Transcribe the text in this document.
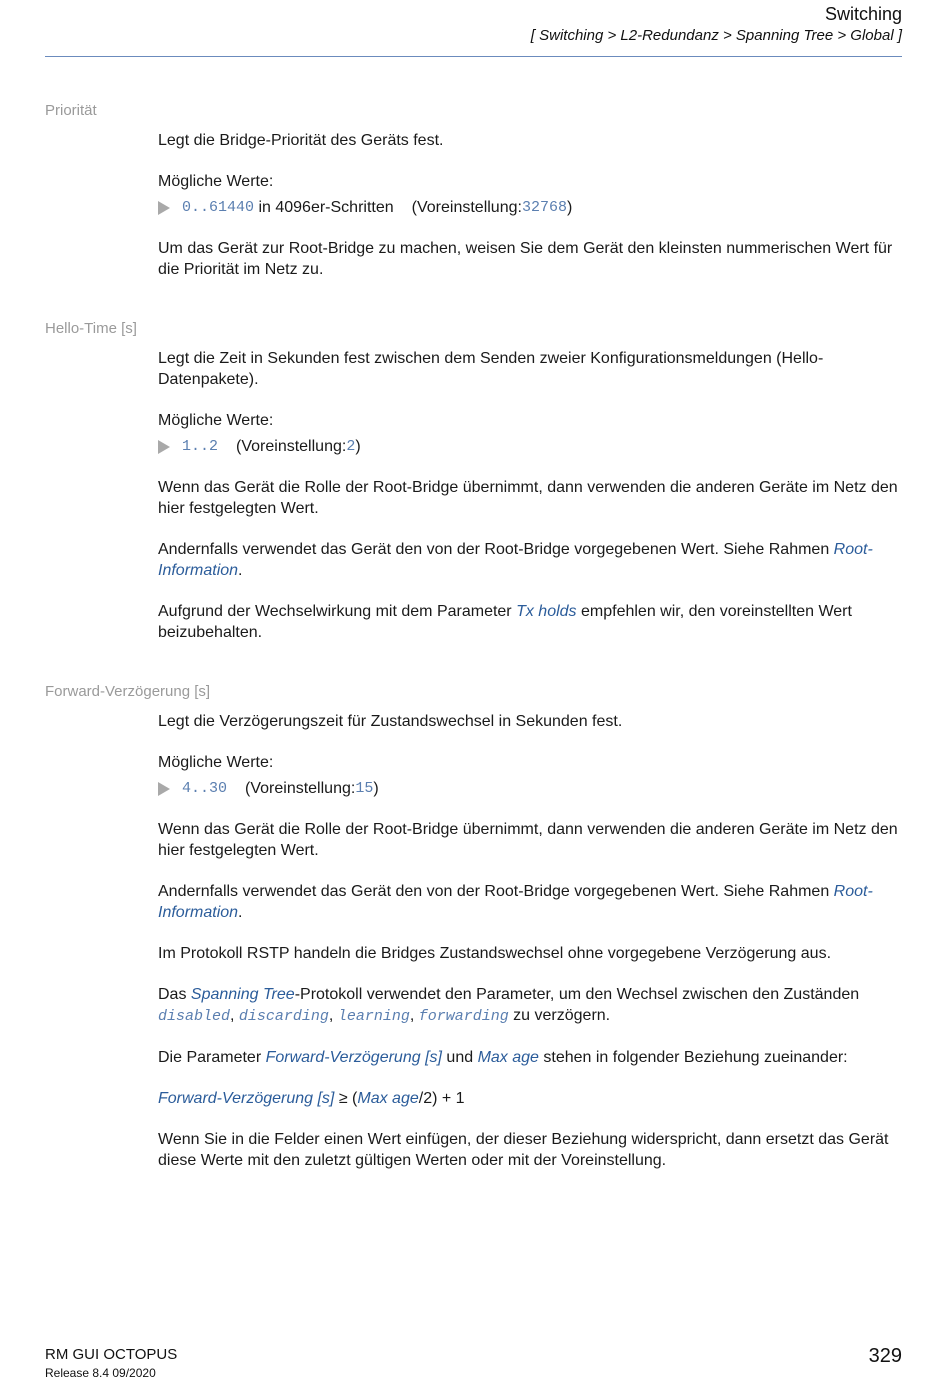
Switching
[ Switching > L2-Redundanz > Spanning Tree > Global ]
Priorität

Legt die Bridge-Priorität des Geräts fest.

Mögliche Werte:

0..61440 in 4096er-Schritten (Voreinstellung: 32768 )

Um das Gerät zur Root-Bridge zu machen, weisen Sie dem Gerät den kleinsten nummerischen Wert für die Priorität im Netz zu.

Hello-Time [s]

Legt die Zeit in Sekunden fest zwischen dem Senden zweier Konfigurationsmeldungen (Hello-Datenpakete).

Mögliche Werte:

1..2 (Voreinstellung: 2 )

Wenn das Gerät die Rolle der Root-Bridge übernimmt, dann verwenden die anderen Geräte im Netz den hier festgelegten Wert.

Andernfalls verwendet das Gerät den von der Root-Bridge vorgegebenen Wert. Siehe Rahmen Root-Information.

Aufgrund der Wechselwirkung mit dem Parameter Tx holds empfehlen wir, den voreinstellten Wert beizubehalten.

Forward-Verzögerung [s]

Legt die Verzögerungszeit für Zustandswechsel in Sekunden fest.

Mögliche Werte:

4..30 (Voreinstellung: 15 )

Wenn das Gerät die Rolle der Root-Bridge übernimmt, dann verwenden die anderen Geräte im Netz den hier festgelegten Wert.

Andernfalls verwendet das Gerät den von der Root-Bridge vorgegebenen Wert. Siehe Rahmen Root-Information.

Im Protokoll RSTP handeln die Bridges Zustandswechsel ohne vorgegebene Verzögerung aus.

Das Spanning Tree-Protokoll verwendet den Parameter, um den Wechsel zwischen den Zuständen disabled, discarding, learning, forwarding zu verzögern.

Die Parameter Forward-Verzögerung [s] und Max age stehen in folgender Beziehung zueinander:

Forward-Verzögerung [s] ≥ (Max age/2) + 1

Wenn Sie in die Felder einen Wert einfügen, der dieser Beziehung widerspricht, dann ersetzt das Gerät diese Werte mit den zuletzt gültigen Werten oder mit der Voreinstellung.

RM GUI OCTOPUS
Release 8.4 09/2020
329
